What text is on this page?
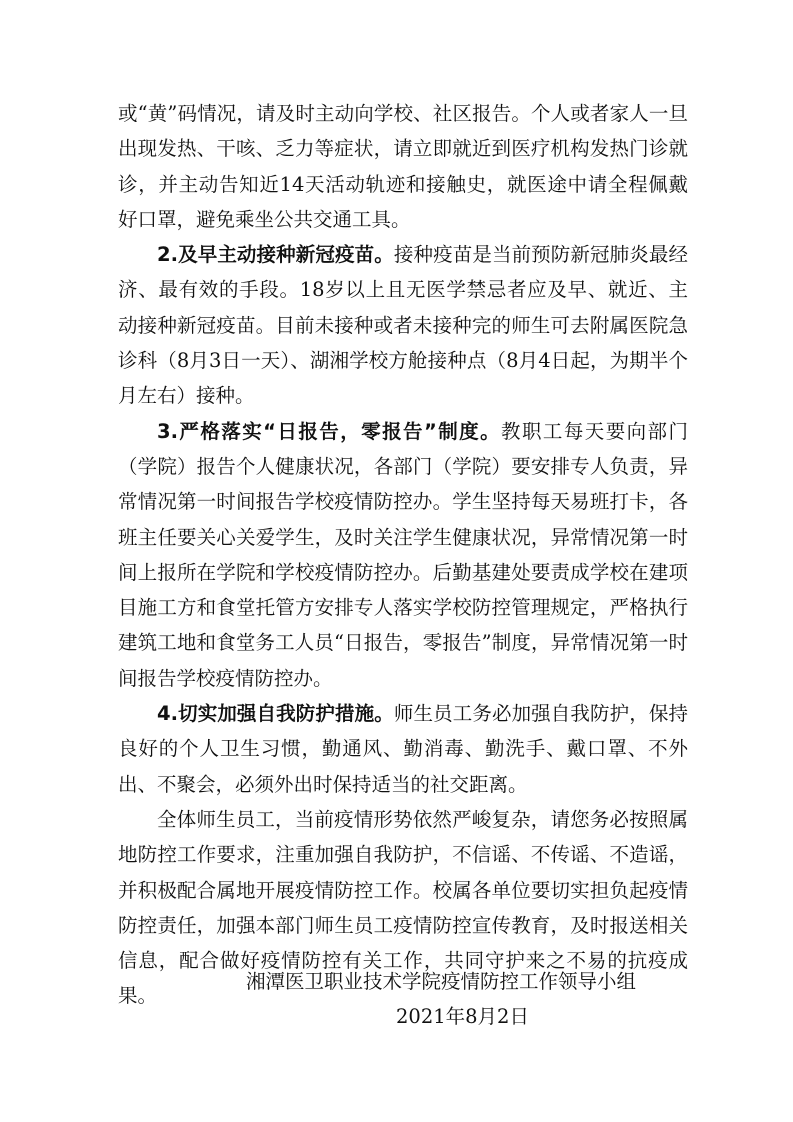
或“黄”码情况，请及时主动向学校、社区报告。个人或者家人一旦出现发热、干咳、乏力等症状，请立即就近到医疗机构发热门诊就诊，并主动告知近14天活动轨迹和接触史，就医途中请全程佩戴好口罩，避免乘坐公共交通工具。

2.及早主动接种新冠疫苗。接种疫苗是当前预防新冠肺炎最经济、最有效的手段。18岁以上且无医学禁忌者应及早、就近、主动接种新冠疫苗。目前未接种或者未接种完的师生可去附属医院急诊科（8月3日一天）、湖湘学校方舱接种点（8月4日起，为期半个月左右）接种。

3.严格落实“日报告，零报告”制度。教职工每天要向部门（学院）报告个人健康状况，各部门（学院）要安排专人负责，异常情况第一时间报告学校疫情防控办。学生坚持每天易班打卡，各班主任要关心关爱学生，及时关注学生健康状况，异常情况第一时间上报所在学院和学校疫情防控办。后勤基建处要责成学校在建项目施工方和食堂托管方安排专人落实学校防控管理规定，严格执行建筑工地和食堂务工人员“日报告，零报告”制度，异常情况第一时间报告学校疫情防控办。

4.切实加强自我防护措施。师生员工务必加强自我防护，保持良好的个人卫生习惯，勤通风、勤消毒、勤洗手、戴口罩、不外出、不聚会，必须外出时保持适当的社交距离。

全体师生员工，当前疫情形势依然严峻复杂，请您务必按照属地防控工作要求，注重加强自我防护，不信谣、不传谣、不造谣，并积极配合属地开展疫情防控工作。校属各单位要切实担负起疫情防控责任，加强本部门师生员工疫情防控宣传教育，及时报送相关信息，配合做好疫情防控有关工作，共同守护来之不易的抗疫成果。

湘潭医卫职业技术学院疫情防控工作领导小组
2021年8月2日
